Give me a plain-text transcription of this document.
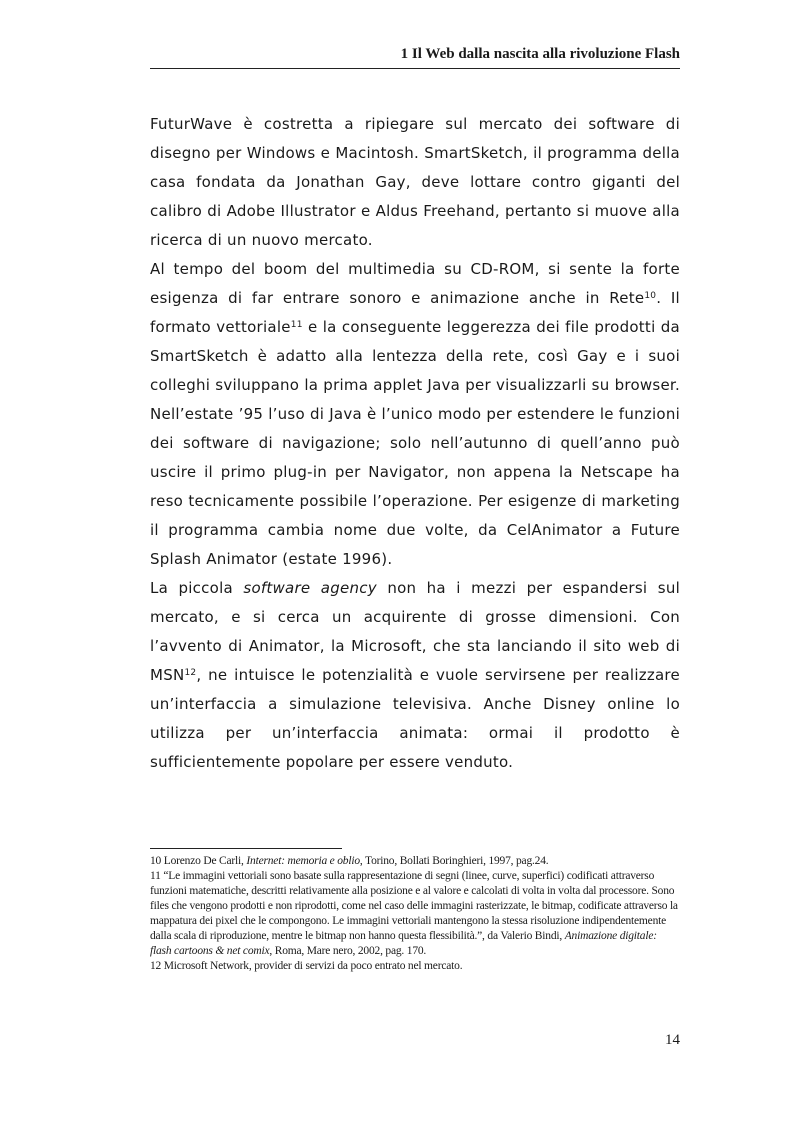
1 Il Web dalla nascita alla rivoluzione Flash

FuturWave è costretta a ripiegare sul mercato dei software di disegno per Windows e Macintosh. SmartSketch, il programma della casa fondata da Jonathan Gay, deve lottare contro giganti del calibro di Adobe Illustrator e Aldus Freehand, pertanto si muove alla ricerca di un nuovo mercato.

Al tempo del boom del multimedia su CD-ROM, si sente la forte esigenza di far entrare sonoro e animazione anche in Rete$^{10}$. Il formato vettoriale$^{11}$ e la conseguente leggerezza dei file prodotti da SmartSketch è adatto alla lentezza della rete, così Gay e i suoi colleghi sviluppano la prima applet Java per visualizzarli su browser. Nell’estate ’95 l’uso di Java è l’unico modo per estendere le funzioni dei software di navigazione; solo nell’autunno di quell’anno può uscire il primo plug-in per Navigator, non appena la Netscape ha reso tecnicamente possibile l’operazione. Per esigenze di marketing il programma cambia nome due volte, da CelAnimator a Future Splash Animator (estate 1996).

La piccola software agency non ha i mezzi per espandersi sul mercato, e si cerca un acquirente di grosse dimensioni. Con l’avvento di Animator, la Microsoft, che sta lanciando il sito web di MSN$^{12}$, ne intuisce le potenzialità e vuole servirsene per realizzare un’interfaccia a simulazione televisiva. Anche Disney online lo utilizza per un’interfaccia animata: ormai il prodotto è sufficientemente popolare per essere venduto.

10 Lorenzo De Carli, Internet: memoria e oblio, Torino, Bollati Boringhieri, 1997, pag.24.

11 “Le immagini vettoriali sono basate sulla rappresentazione di segni (linee, curve, superfici) codificati attraverso funzioni matematiche, descritti relativamente alla posizione e al valore e calcolati di volta in volta dal processore. Sono files che vengono prodotti e non riprodotti, come nel caso delle immagini rasterizzate, le bitmap, codificate attraverso la mappatura dei pixel che le compongono. Le immagini vettoriali mantengono la stessa risoluzione indipendentemente dalla scala di riproduzione, mentre le bitmap non hanno questa flessibilità.”, da Valerio Bindi, Animazione digitale: flash cartoons & net comix, Roma, Mare nero, 2002, pag. 170.

12 Microsoft Network, provider di servizi da poco entrato nel mercato.

14
